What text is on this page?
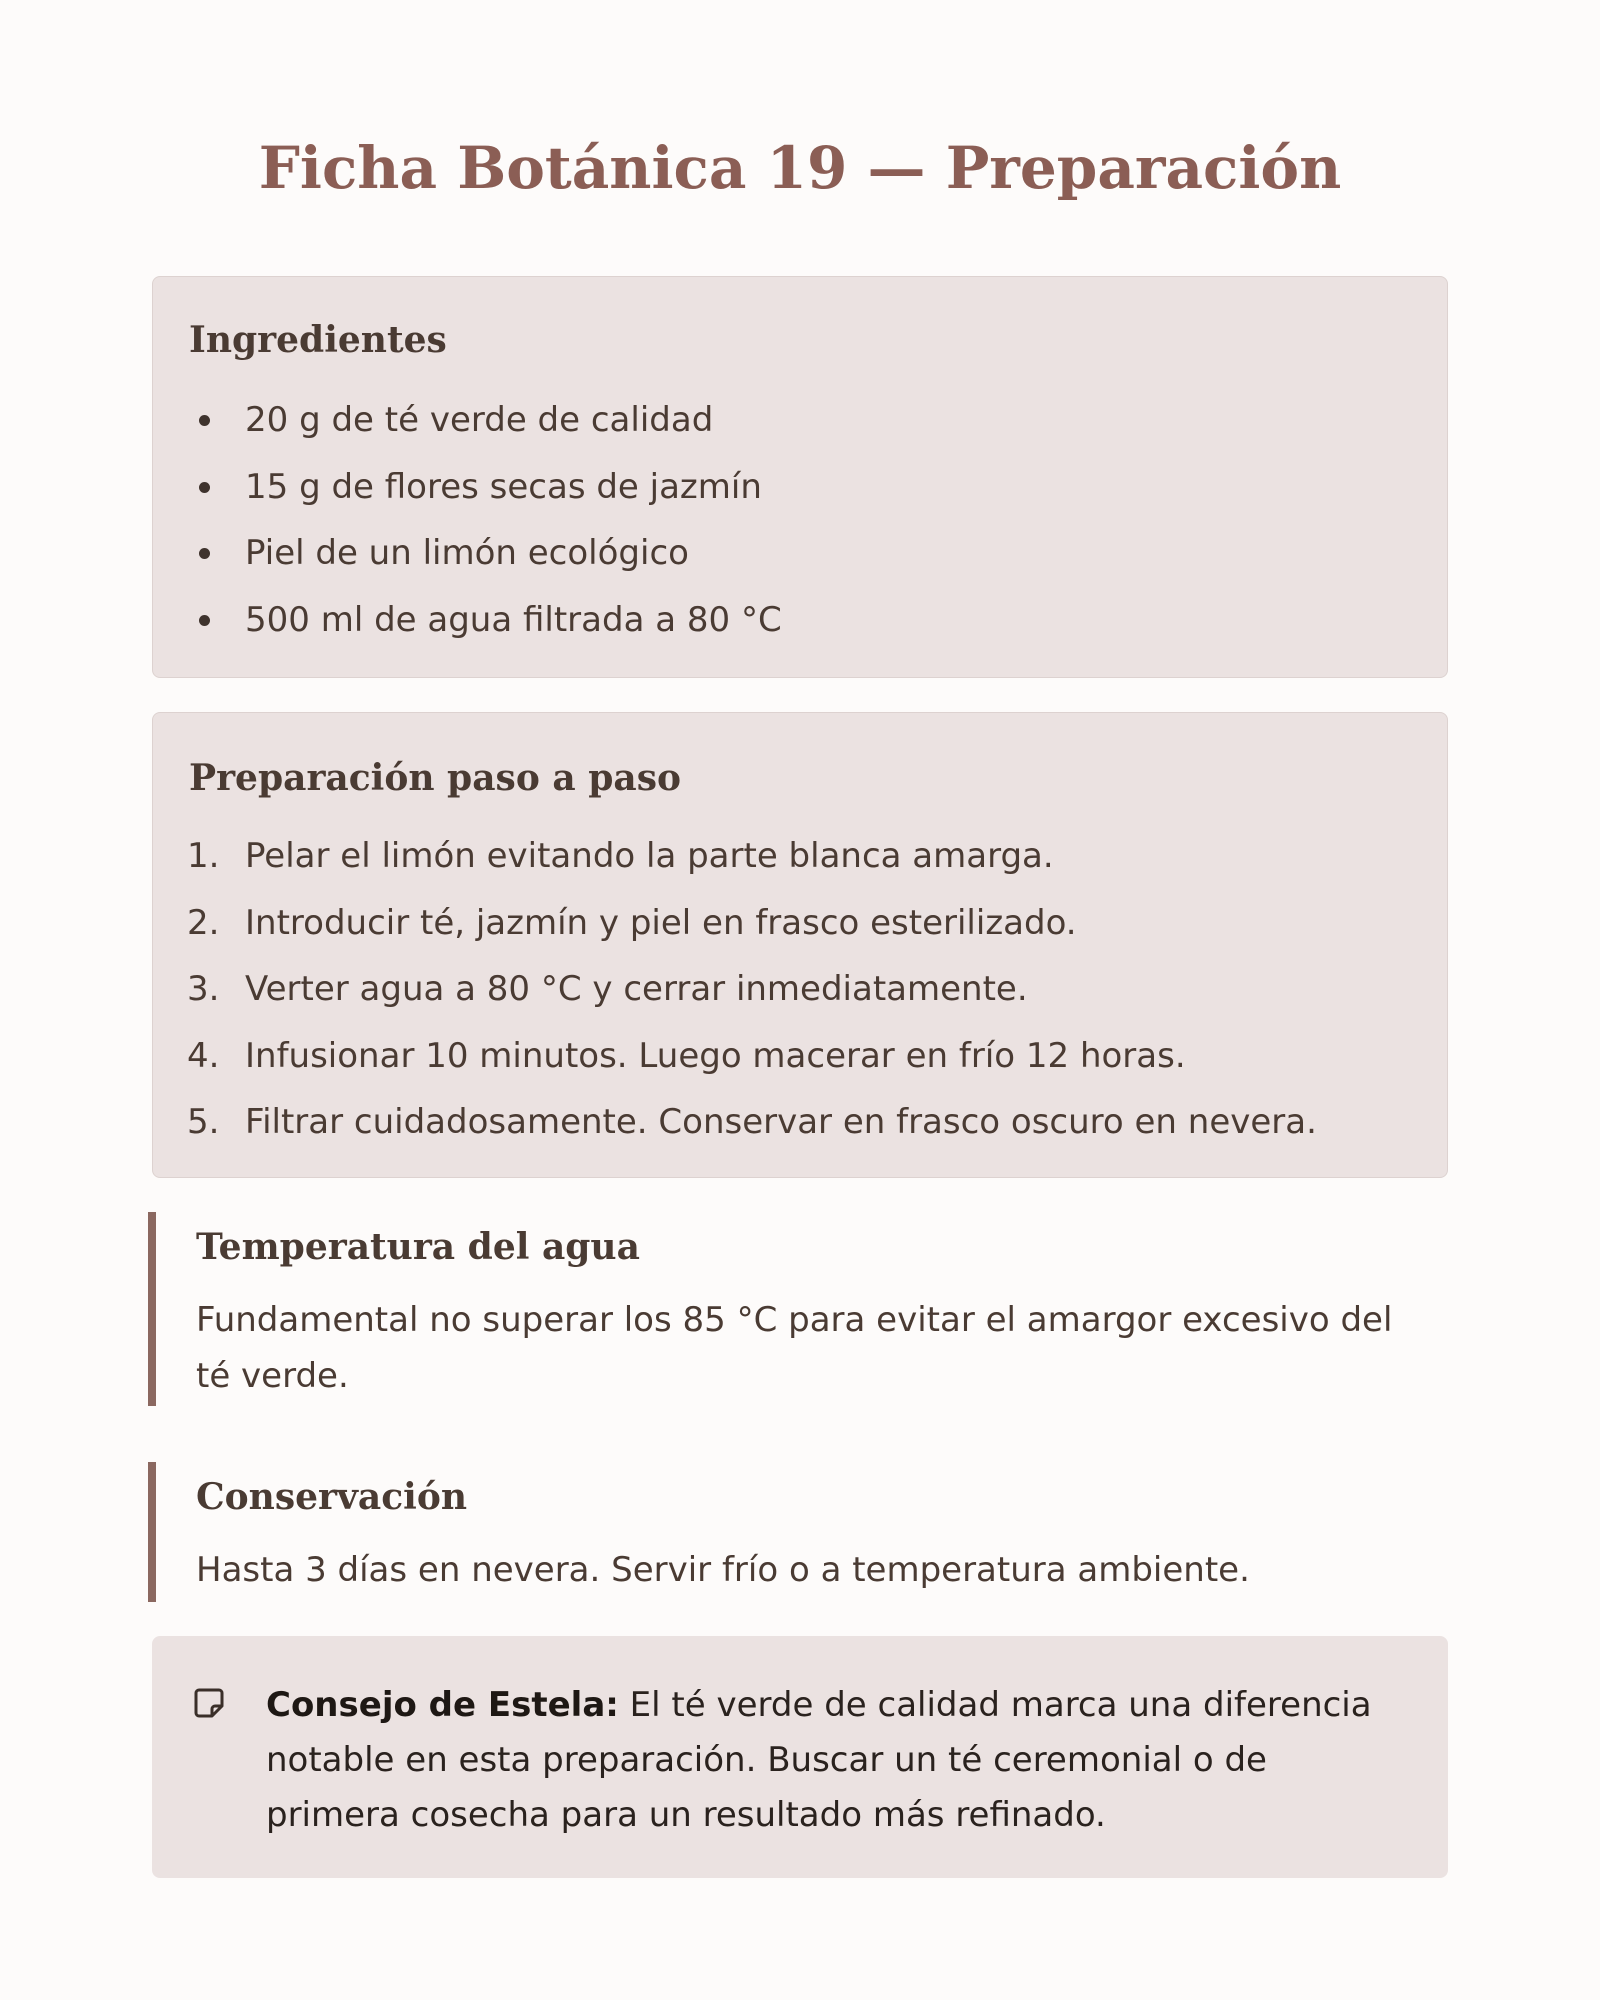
Ficha Botánica 19 — Preparación
Ingredientes
20 g de té verde de calidad
15 g de flores secas de jazmín
Piel de un limón ecológico
500 ml de agua filtrada a 80 °C
Preparación paso a paso
1. Pelar el limón evitando la parte blanca amarga.
2. Introducir té, jazmín y piel en frasco esterilizado.
3. Verter agua a 80 °C y cerrar inmediatamente.
4. Infusionar 10 minutos. Luego macerar en frío 12 horas.
5. Filtrar cuidadosamente. Conservar en frasco oscuro en nevera.
Temperatura del agua

Fundamental no superar los 85 °C para evitar el amargor excesivo del té verde.

Conservación

Hasta 3 días en nevera. Servir frío o a temperatura ambiente.

Consejo de Estela: El té verde de calidad marca una diferencia notable en esta preparación. Buscar un té ceremonial o de primera cosecha para un resultado más refinado.
